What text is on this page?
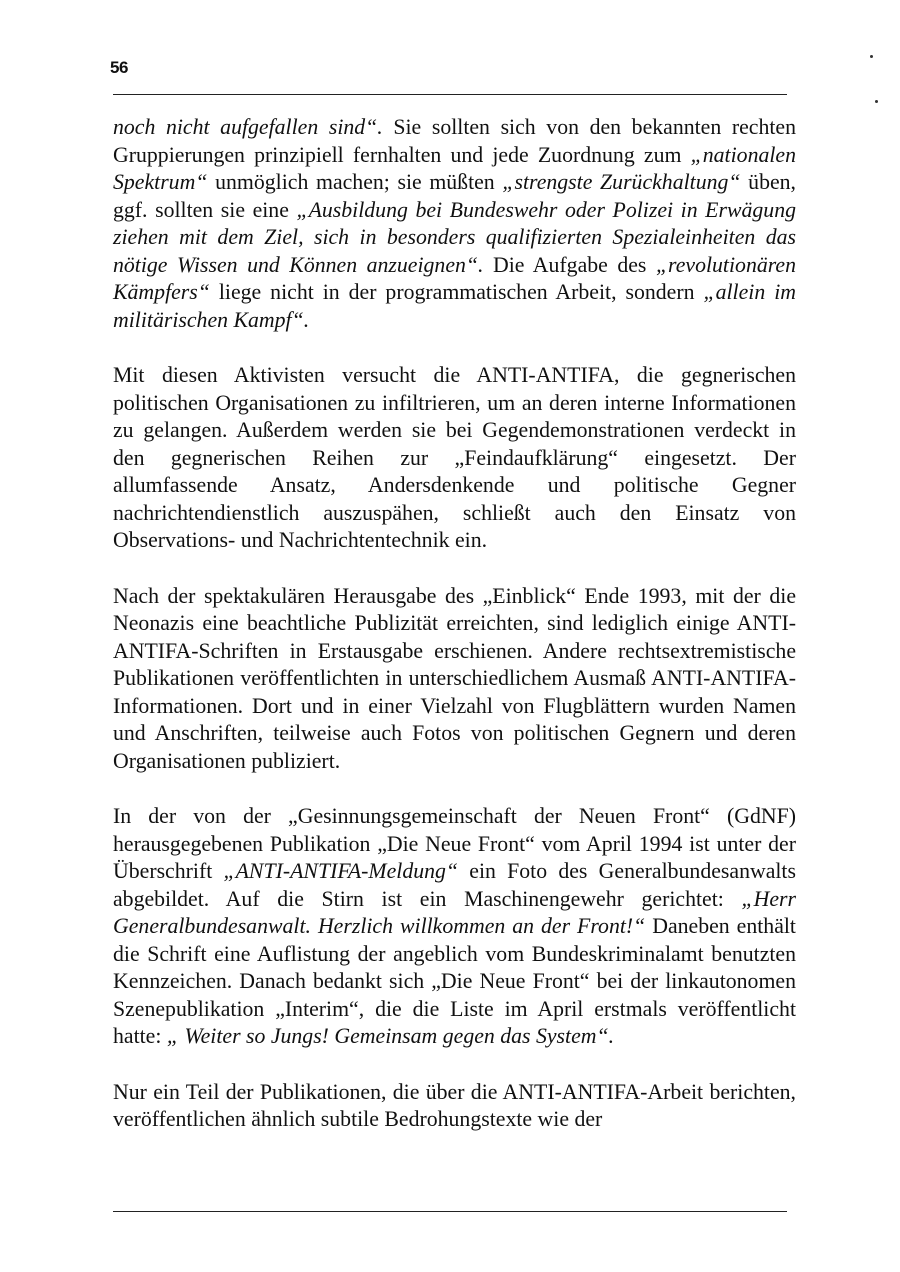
56

noch nicht aufgefallen sind“. Sie sollten sich von den bekannten rechten Gruppierungen prinzipiell fernhalten und jede Zuordnung zum „nationalen Spektrum“ unmöglich machen; sie müßten „strengste Zurückhaltung“ üben, ggf. sollten sie eine „Ausbildung bei Bundeswehr oder Polizei in Erwägung ziehen mit dem Ziel, sich in besonders qualifizierten Spezialeinheiten das nötige Wissen und Können anzueignen“. Die Aufgabe des „revolutionären Kämpfers“ liege nicht in der programmatischen Arbeit, sondern „allein im militärischen Kampf“.

Mit diesen Aktivisten versucht die ANTI-ANTIFA, die gegnerischen politischen Organisationen zu infiltrieren, um an deren interne Informationen zu gelangen. Außerdem werden sie bei Gegendemonstrationen verdeckt in den gegnerischen Reihen zur „Feindaufklärung“ eingesetzt. Der allumfassende Ansatz, Andersdenkende und politische Gegner nachrichtendienstlich auszuspähen, schließt auch den Einsatz von Observations- und Nachrichtentechnik ein.

Nach der spektakulären Herausgabe des „Einblick“ Ende 1993, mit der die Neonazis eine beachtliche Publizität erreichten, sind lediglich einige ANTI-ANTIFA-Schriften in Erstausgabe erschienen. Andere rechtsextremistische Publikationen veröffentlichten in unterschiedlichem Ausmaß ANTI-ANTIFA-Informationen. Dort und in einer Vielzahl von Flugblättern wurden Namen und Anschriften, teilweise auch Fotos von politischen Gegnern und deren Organisationen publiziert.

In der von der „Gesinnungsgemeinschaft der Neuen Front“ (GdNF) herausgegebenen Publikation „Die Neue Front“ vom April 1994 ist unter der Überschrift „ANTI-ANTIFA-Meldung“ ein Foto des Generalbundesanwalts abgebildet. Auf die Stirn ist ein Maschinengewehr gerichtet: „Herr Generalbundesanwalt. Herzlich willkommen an der Front!“ Daneben enthält die Schrift eine Auflistung der angeblich vom Bundeskriminalamt benutzten Kennzeichen. Danach bedankt sich „Die Neue Front“ bei der linkautonomen Szenepublikation „Interim“, die die Liste im April erstmals veröffentlicht hatte: „ Weiter so Jungs! Gemeinsam gegen das System“.

Nur ein Teil der Publikationen, die über die ANTI-ANTIFA-Arbeit berichten, veröffentlichen ähnlich subtile Bedrohungstexte wie der
